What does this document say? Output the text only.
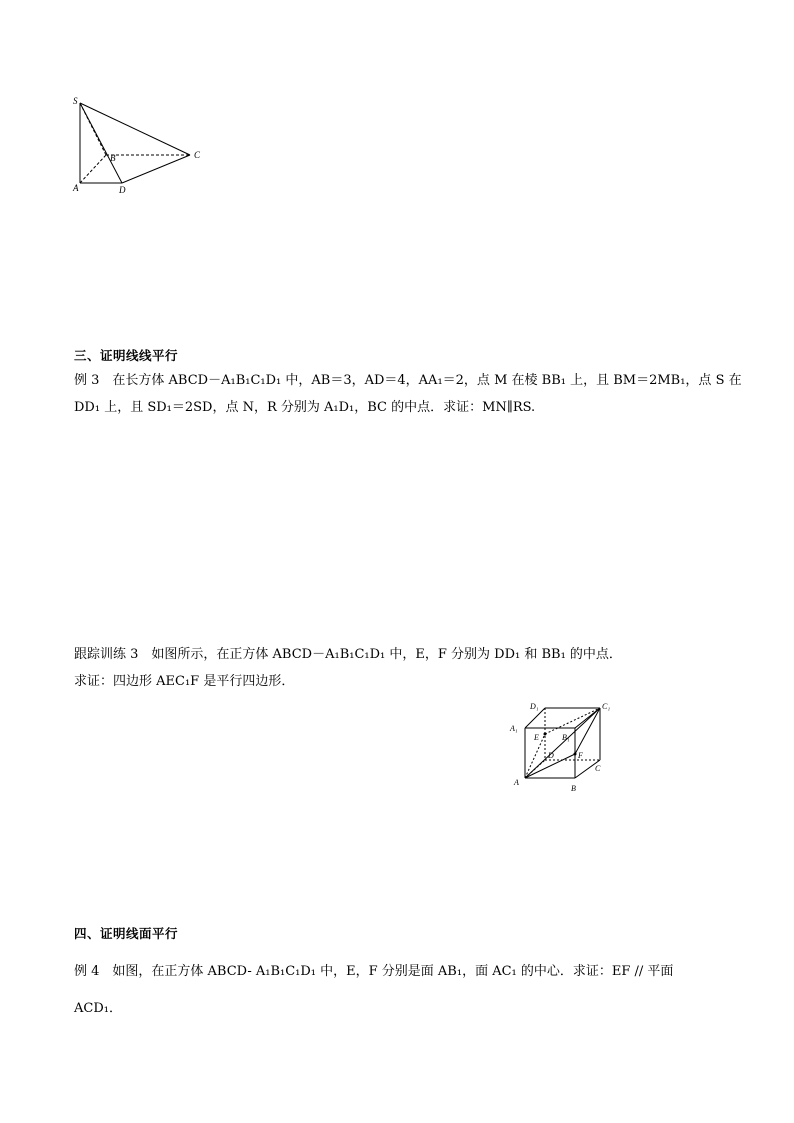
S
B	C
A	D
三、证明线线平行
例 3　在长方体 ABCD－A₁B₁C₁D₁ 中，AB＝3，AD＝4，AA₁＝2，点 M 在棱 BB₁ 上，且 BM＝2MB₁，点 S 在
DD₁ 上，且 SD₁＝2SD，点 N，R 分别为 A₁D₁，BC 的中点．求证：MN∥RS.
跟踪训练 3　如图所示，在正方体 ABCD－A₁B₁C₁D₁ 中，E，F 分别为 DD₁ 和 BB₁ 的中点．
求证：四边形 AEC₁F 是平行四边形．
D₁	C₁
A₁
E	B₁
D	F
C
A
B
四、证明线面平行
例 4　如图，在正方体 ABCD- A₁B₁C₁D₁ 中，E，F 分别是面 AB₁，面 AC₁ 的中心．求证：EF // 平面
ACD₁．
